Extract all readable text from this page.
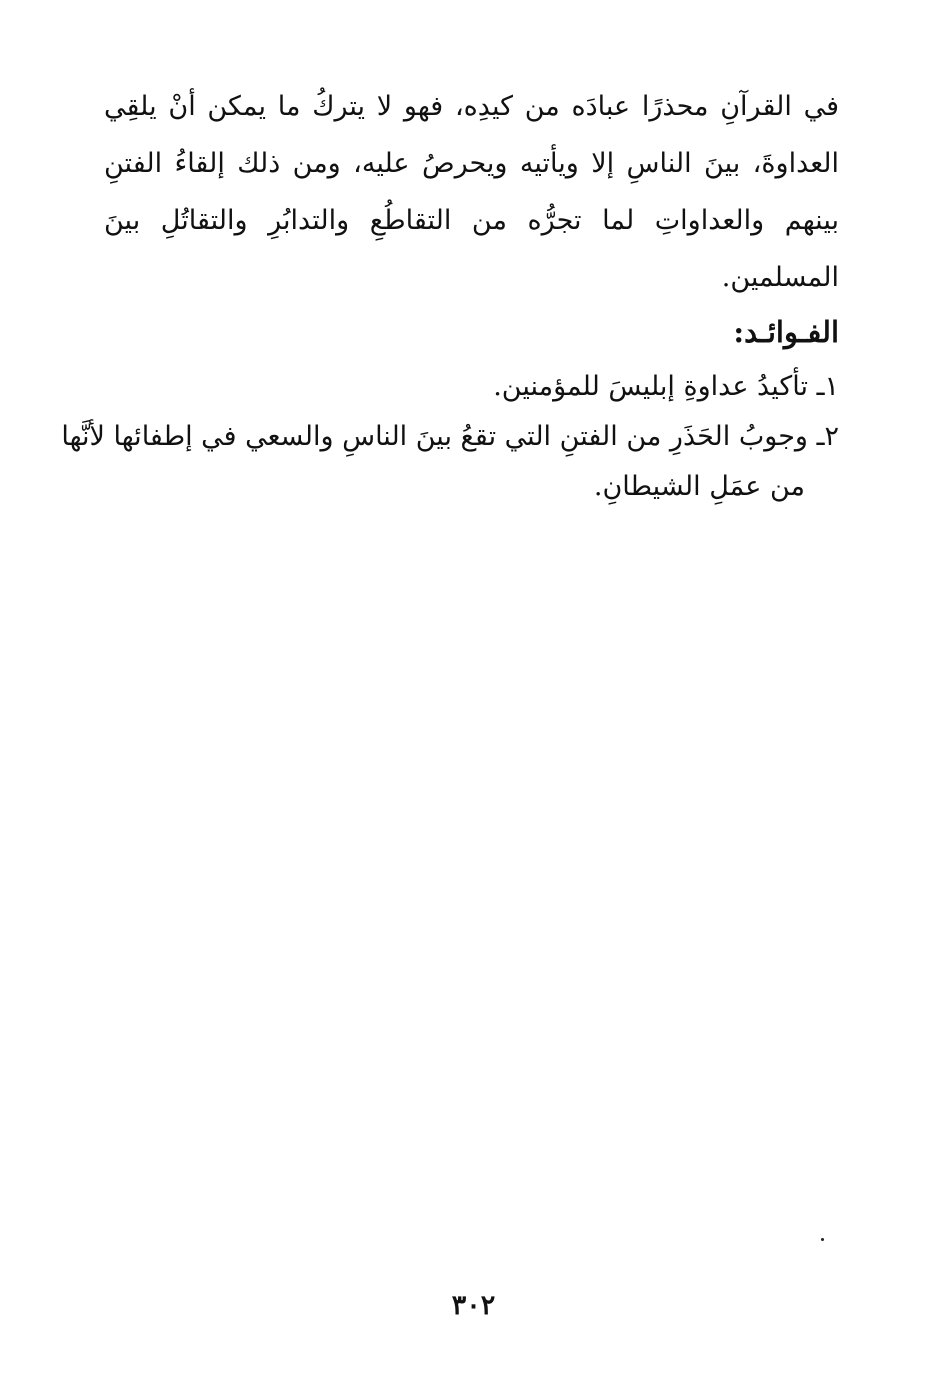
في القرآنِ محذرًا عبادَه من كيدِه، فهو لا يتركُ ما يمكن أنْ يلقِي
العداوةَ، بينَ الناسِ إلا ويأتيه ويحرصُ عليه، ومن ذلك إلقاءُ الفتنِ
بينهم والعداواتِ لما تجرُّه من التقاطُعِ والتدابُرِ والتقاتُلِ بينَ
المسلمين.
الفـوائـد:
١ـ تأكيدُ عداوةِ إبليسَ للمؤمنين.
٢ـ وجوبُ الحَذَرِ من الفتنِ التي تقعُ بينَ الناسِ والسعي في إطفائها لأنَّها
من عمَلِ الشيطانِ.
٣٠٢
